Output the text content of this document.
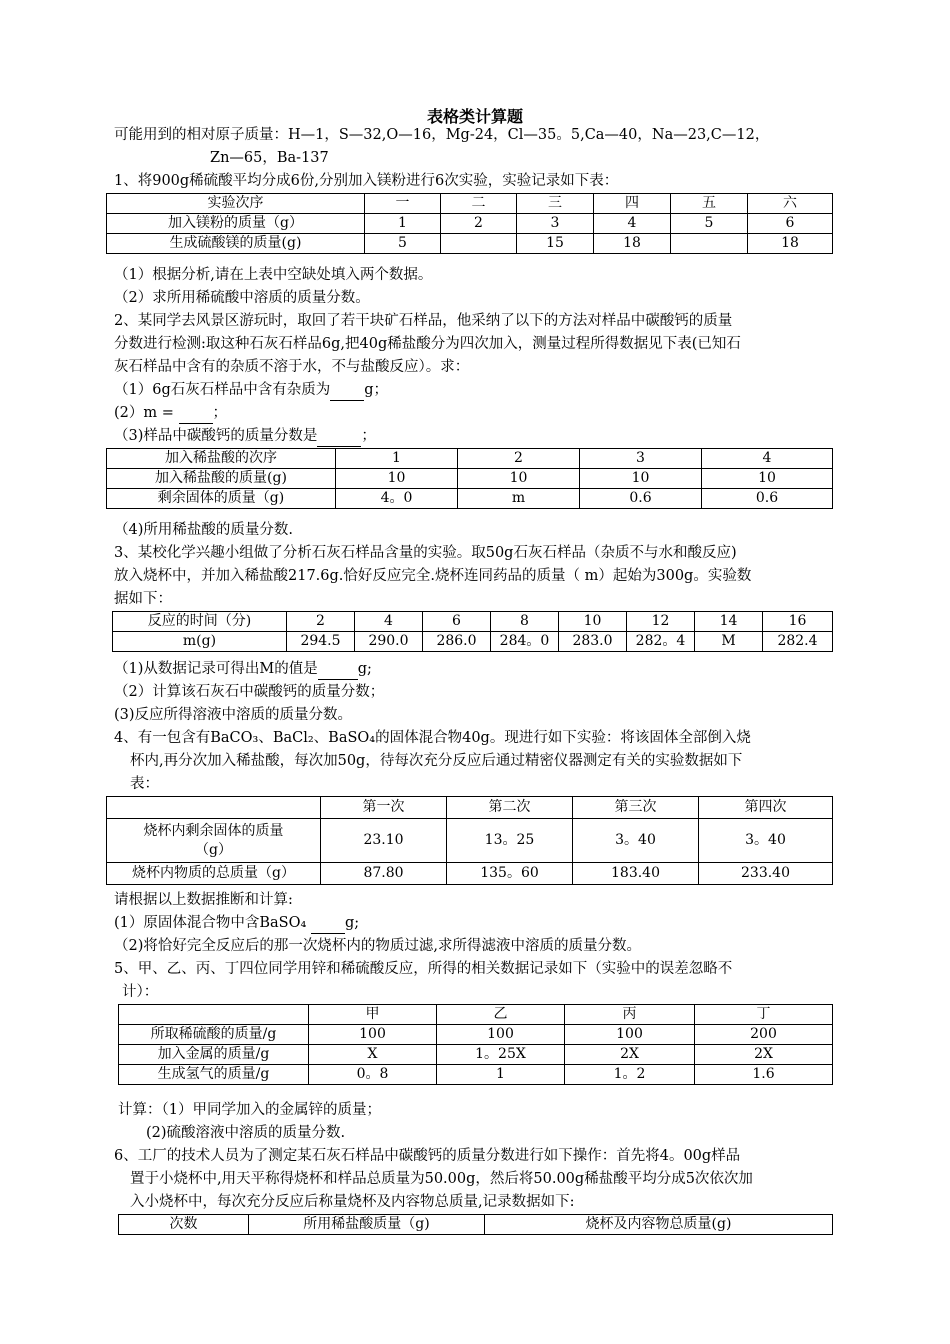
表格类计算题
可能用到的相对原子质量：H—1，S—32,O—16，Mg-24，Cl—35。5,Ca—40，Na—23,C—12，
Zn—65，Ba-137
1、将900g稀硫酸平均分成6份,分别加入镁粉进行6次实验，实验记录如下表：
实验次序	一	二	三	四	五	六
加入镁粉的质量（g）	1	2	3	4	5	6
生成硫酸镁的质量(g)	5		15	18		18
（1）根据分析,请在上表中空缺处填入两个数据。
（2）求所用稀硫酸中溶质的质量分数。
2、某同学去风景区游玩时，取回了若干块矿石样品，他采纳了以下的方法对样品中碳酸钙的质量
分数进行检测:取这种石灰石样品6g,把40g稀盐酸分为四次加入，测量过程所得数据见下表(已知石
灰石样品中含有的杂质不溶于水，不与盐酸反应）。求：
（1）6g石灰石样品中含有杂质为 g；
(2）m =	；
（3)样品中碳酸钙的质量分数是	；
加入稀盐酸的次序	1	2	3	4
加入稀盐酸的质量(g)	10	10	10	10
剩余固体的质量（g)	4。0	m	0.6	0.6
（4)所用稀盐酸的质量分数.
3、某校化学兴趣小组做了分析石灰石样品含量的实验。取50g石灰石样品（杂质不与水和酸反应)
放入烧杯中，并加入稀盐酸217.6g.恰好反应完全.烧杯连同药品的质量（ m）起始为300g。实验数
据如下：
反应的时间（分)	2	4	6	8	10	12	14	16
m(g)	294.5	290.0	286.0	284。0	283.0	282。4	M	282.4
（1)从数据记录可得出M的值是	g;
（2）计算该石灰石中碳酸钙的质量分数；
(3)反应所得溶液中溶质的质量分数。
4、有一包含有BaCO₃、BaCl₂、BaSO₄的固体混合物40g。现进行如下实验：将该固体全部倒入烧
杯内,再分次加入稀盐酸，每次加50g，待每次充分反应后通过精密仪器测定有关的实验数据如下
表：
	第一次	第二次	第三次	第四次

烧杯内剩余固体的质量
（g）	23.10	13。25	3。40	3。40
烧杯内物质的总质量（g）	87.80	135。60	183.40	233.40
请根据以上数据推断和计算:
(1）原固体混合物中含BaSO₄	g;
（2)将恰好完全反应后的那一次烧杯内的物质过滤,求所得滤液中溶质的质量分数。
5、甲、乙、丙、丁四位同学用锌和稀硫酸反应，所得的相关数据记录如下（实验中的误差忽略不
计）：
	甲	乙	丙	丁
所取稀硫酸的质量/g	100	100	100	200
加入金属的质量/g	X	1。25X	2X	2X
生成氢气的质量/g	0。8	1	1。2	1.6
计算：（1）甲同学加入的金属锌的质量；
(2)硫酸溶液中溶质的质量分数.
6、工厂的技术人员为了测定某石灰石样品中碳酸钙的质量分数进行如下操作：首先将4。00g样品
置于小烧杯中,用天平称得烧杯和样品总质量为50.00g，然后将50.00g稀盐酸平均分成5次依次加
入小烧杯中，每次充分反应后称量烧杯及内容物总质量,记录数据如下:
次数	所用稀盐酸质量（g)	烧杯及内容物总质量(g)
